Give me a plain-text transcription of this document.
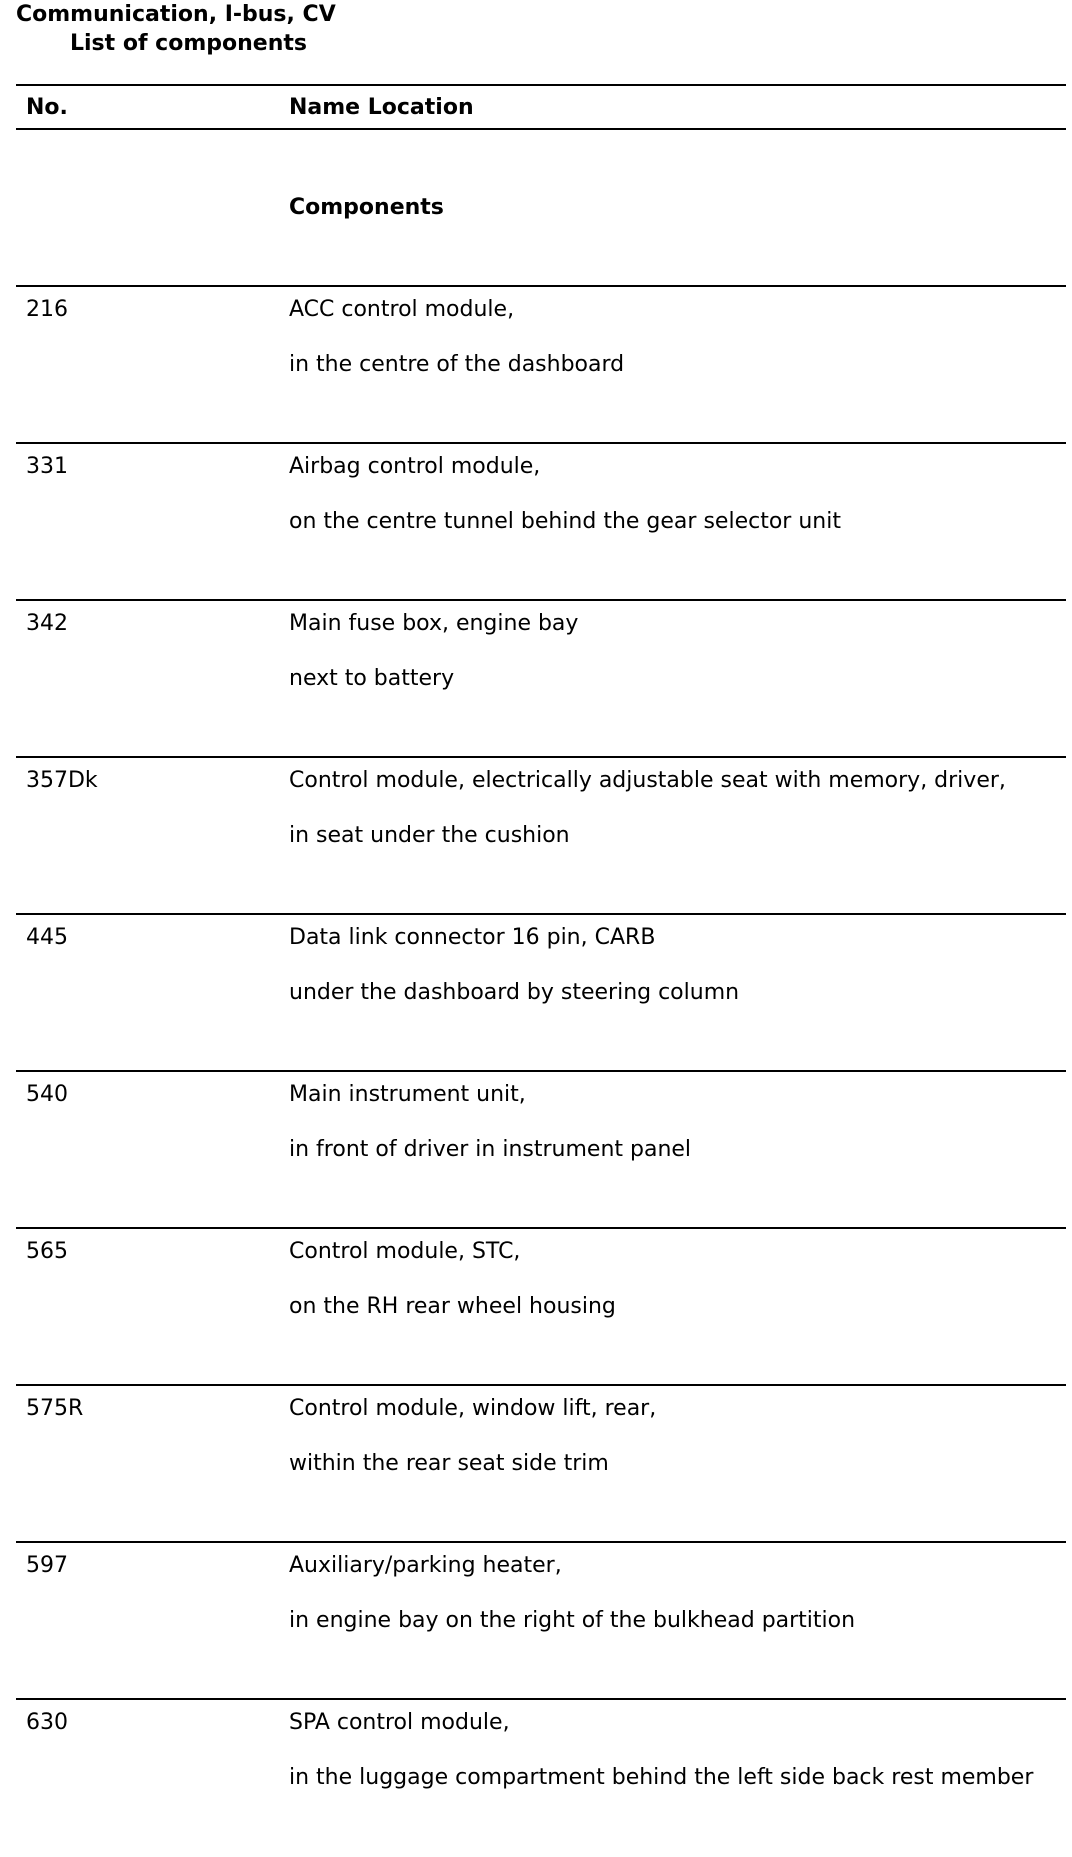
Communication, I-bus, CV
List of components
No.	Name Location
Components
216	ACC control module,
in the centre of the dashboard
331	Airbag control module,
on the centre tunnel behind the gear selector unit
342	Main fuse box, engine bay
next to battery
357Dk	Control module, electrically adjustable seat with memory, driver,
in seat under the cushion
445	Data link connector 16 pin, CARB
under the dashboard by steering column
540	Main instrument unit,
in front of driver in instrument panel
565	Control module, STC,
on the RH rear wheel housing
575R	Control module, window lift, rear,
within the rear seat side trim
597	Auxiliary/parking heater,
in engine bay on the right of the bulkhead partition
630	SPA control module,
in the luggage compartment behind the left side back rest member
